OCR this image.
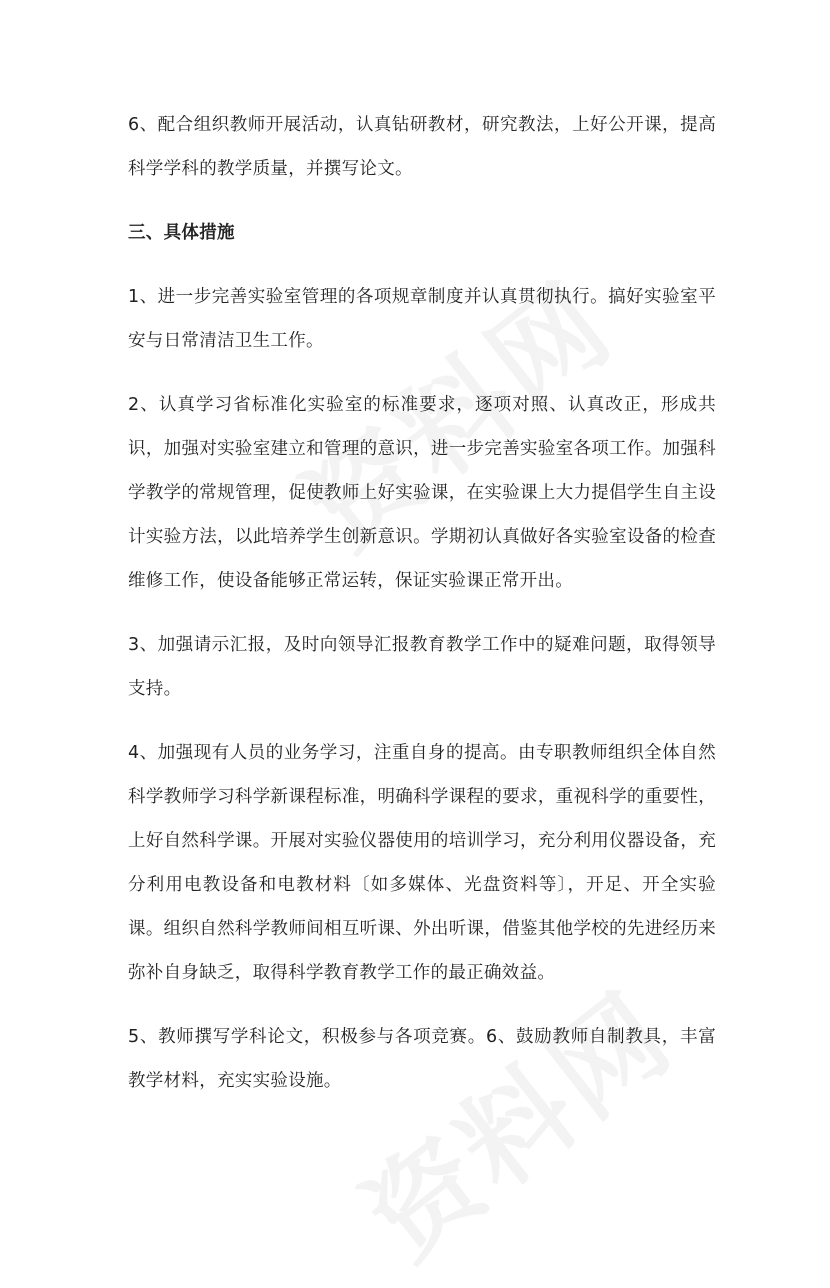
6、配合组织教师开展活动，认真钻研教材，研究教法，上好公开课，提高科学学科的教学质量，并撰写论文。

三、具体措施

1、进一步完善实验室管理的各项规章制度并认真贯彻执行。搞好实验室平安与日常清洁卫生工作。

2、认真学习省标准化实验室的标准要求，逐项对照、认真改正，形成共识，加强对实验室建立和管理的意识，进一步完善实验室各项工作。加强科学教学的常规管理，促使教师上好实验课，在实验课上大力提倡学生自主设计实验方法，以此培养学生创新意识。学期初认真做好各实验室设备的检查维修工作，使设备能够正常运转，保证实验课正常开出。

3、加强请示汇报，及时向领导汇报教育教学工作中的疑难问题，取得领导支持。

4、加强现有人员的业务学习，注重自身的提高。由专职教师组织全体自然科学教师学习科学新课程标准，明确科学课程的要求，重视科学的重要性，上好自然科学课。开展对实验仪器使用的培训学习，充分利用仪器设备，充分利用电教设备和电教材料〔如多媒体、光盘资料等〕，开足、开全实验课。组织自然科学教师间相互听课、外出听课，借鉴其他学校的先进经历来弥补自身缺乏，取得科学教育教学工作的最正确效益。

5、教师撰写学科论文，积极参与各项竞赛。6、鼓励教师自制教具，丰富教学材料，充实实验设施。
